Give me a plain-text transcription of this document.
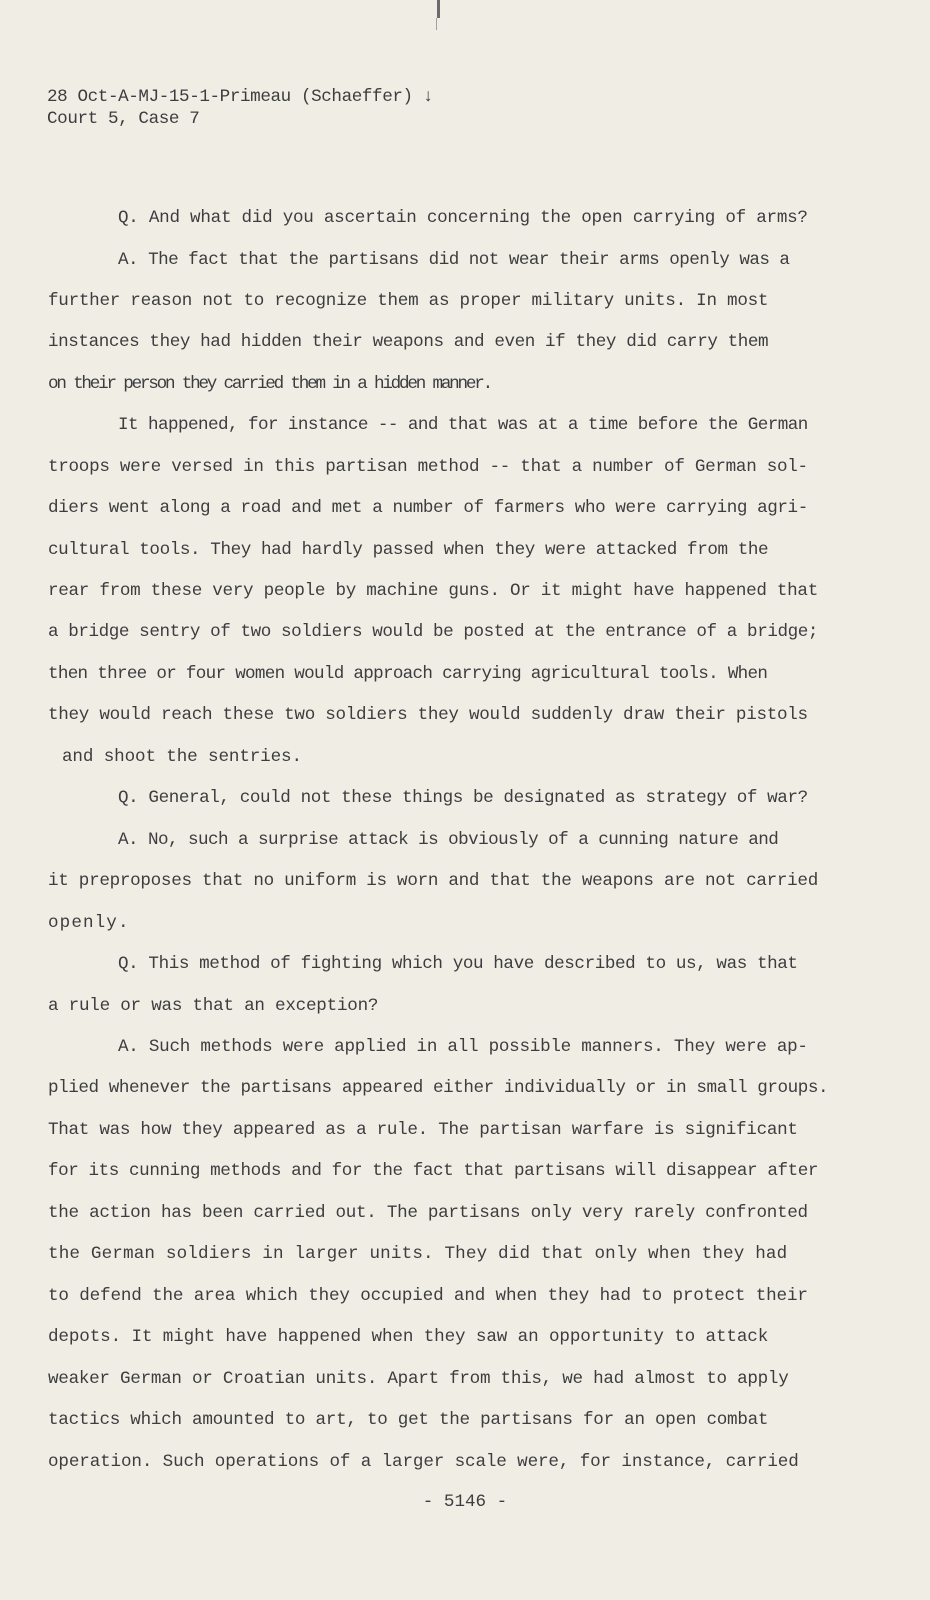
28 Oct-A-MJ-15-1-Primeau (Schaeffer) ↓
Court 5, Case 7
Q. And what did you ascertain concerning the open carrying of arms?
A. The fact that the partisans did not wear their arms openly was a
further reason not to recognize them as proper military units. In most
instances they had hidden their weapons and even if they did carry them
on their person they carried them in a hidden manner.
It happened, for instance -- and that was at a time before the German
troops were versed in this partisan method -- that a number of German sol-
diers went along a road and met a number of farmers who were carrying agri-
cultural tools. They had hardly passed when they were attacked from the
rear from these very people by machine guns. Or it might have happened that
a bridge sentry of two soldiers would be posted at the entrance of a bridge;
then three or four women would approach carrying agricultural tools. When
they would reach these two soldiers they would suddenly draw their pistols
and shoot the sentries.
Q. General, could not these things be designated as strategy of war?
A. No, such a surprise attack is obviously of a cunning nature and
it preproposes that no uniform is worn and that the weapons are not carried
openly.
Q. This method of fighting which you have described to us, was that
a rule or was that an exception?
A. Such methods were applied in all possible manners. They were ap-
plied whenever the partisans appeared either individually or in small groups.
That was how they appeared as a rule. The partisan warfare is significant
for its cunning methods and for the fact that partisans will disappear after
the action has been carried out. The partisans only very rarely confronted
the German soldiers in larger units. They did that only when they had
to defend the area which they occupied and when they had to protect their
depots. It might have happened when they saw an opportunity to attack
weaker German or Croatian units. Apart from this, we had almost to apply
tactics which amounted to art, to get the partisans for an open combat
operation. Such operations of a larger scale were, for instance, carried
- 5146 -
